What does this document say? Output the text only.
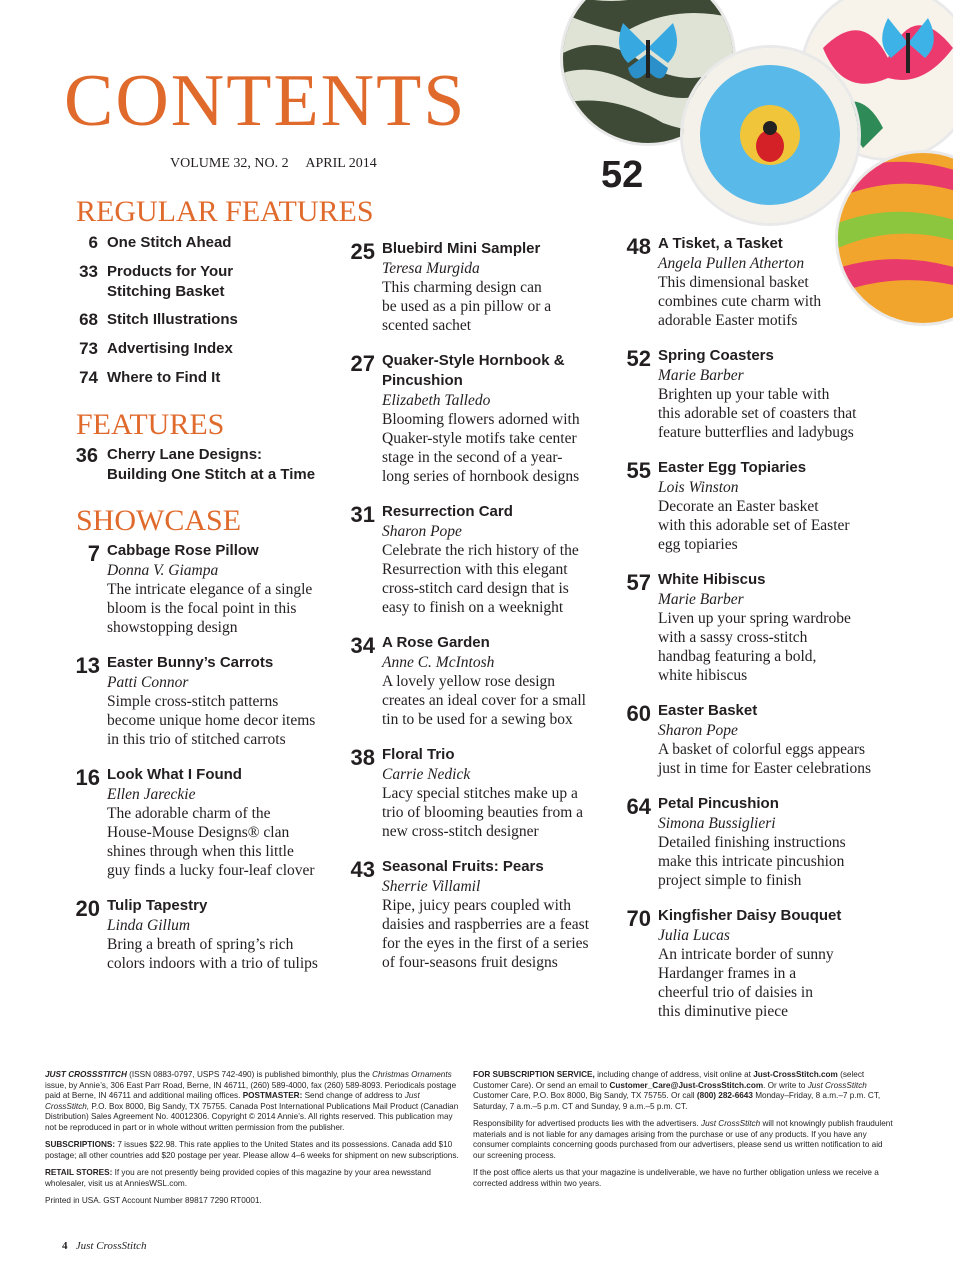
CONTENTS
VOLUME 32, NO. 2 APRIL 2014	52
REGULAR FEATURES
6 One Stitch Ahead
33 Products for Your
Stitching Basket
68 Stitch Illustrations
73 Advertising Index
74 Where to Find It
FEATURES
36 Cherry Lane Designs:
Building One Stitch at a Time
SHOWCASE
7 Cabbage Rose Pillow
Donna V. Giampa
The intricate elegance of a single
bloom is the focal point in this
showstopping design
13 Easter Bunny’s Carrots
Patti Connor
Simple cross-stitch patterns
become unique home decor items
in this trio of stitched carrots
16 Look What I Found
Ellen Jareckie
The adorable charm of the
House-Mouse Designs® clan
shines through when this little
guy finds a lucky four-leaf clover
20 Tulip Tapestry
Linda Gillum
Bring a breath of spring’s rich
colors indoors with a trio of tulips
25 Bluebird Mini Sampler
Teresa Murgida
This charming design can
be used as a pin pillow or a
scented sachet
27 Quaker-Style Hornbook &
Pincushion
Elizabeth Talledo
Blooming flowers adorned with
Quaker-style motifs take center
stage in the second of a year-
long series of hornbook designs
31 Resurrection Card
Sharon Pope
Celebrate the rich history of the
Resurrection with this elegant
cross-stitch card design that is
easy to finish on a weeknight
34 A Rose Garden
Anne C. McIntosh
A lovely yellow rose design
creates an ideal cover for a small
tin to be used for a sewing box
38 Floral Trio
Carrie Nedick
Lacy special stitches make up a
trio of blooming beauties from a
new cross-stitch designer
43 Seasonal Fruits: Pears
Sherrie Villamil
Ripe, juicy pears coupled with
daisies and raspberries are a feast
for the eyes in the first of a series
of four-seasons fruit designs
48 A Tisket, a Tasket
Angela Pullen Atherton
This dimensional basket
combines cute charm with
adorable Easter motifs
52 Spring Coasters
Marie Barber
Brighten up your table with
this adorable set of coasters that
feature butterflies and ladybugs
55 Easter Egg Topiaries
Lois Winston
Decorate an Easter basket
with this adorable set of Easter
egg topiaries
57 White Hibiscus
Marie Barber
Liven up your spring wardrobe
with a sassy cross-stitch
handbag featuring a bold,
white hibiscus
60 Easter Basket
Sharon Pope
A basket of colorful eggs appears
just in time for Easter celebrations
64 Petal Pincushion
Simona Bussiglieri
Detailed finishing instructions
make this intricate pincushion
project simple to finish
70 Kingfisher Daisy Bouquet
Julia Lucas
An intricate border of sunny
Hardanger frames in a
cheerful trio of daisies in
this diminutive piece

JUST CROSSSTITCH (ISSN 0883-0797, USPS 742-490) is published bimonthly, plus the Christmas Ornaments issue, by Annie’s, 306 East Parr Road, Berne, IN 46711, (260) 589-4000, fax (260) 589-8093. Periodicals postage paid at Berne, IN 46711 and additional mailing offices. POSTMASTER: Send change of address to Just CrossStitch, P.O. Box 8000, Big Sandy, TX 75755. Canada Post International Publications Mail Product (Canadian Distribution) Sales Agreement No. 40012306. Copyright © 2014 Annie’s. All rights reserved. This publication may not be reproduced in part or in whole without written permission from the publisher.

SUBSCRIPTIONS: 7 issues $22.98. This rate applies to the United States and its possessions. Canada add $10 postage; all other countries add $20 postage per year. Please allow 4–6 weeks for shipment on new subscriptions.

RETAIL STORES: If you are not presently being provided copies of this magazine by your area newsstand wholesaler, visit us at AnniesWSL.com.

Printed in USA. GST Account Number 89817 7290 RT0001.

FOR SUBSCRIPTION SERVICE, including change of address, visit online at Just-CrossStitch.com (select Customer Care). Or send an email to Customer_Care@Just-CrossStitch.com. Or write to Just CrossStitch Customer Care, P.O. Box 8000, Big Sandy, TX 75755. Or call (800) 282-6643 Monday–Friday, 8 a.m.–7 p.m. CT, Saturday, 7 a.m.–5 p.m. CT and Sunday, 9 a.m.–5 p.m. CT.

Responsibility for advertised products lies with the advertisers. Just CrossStitch will not knowingly publish fraudulent materials and is not liable for any damages arising from the purchase or use of any products. If you have any consumer complaints concerning goods purchased from our advertisers, please send us written notification to aid our screening process.

If the post office alerts us that your magazine is undeliverable, we have no further obligation unless we receive a corrected address within two years.

4 Just CrossStitch
